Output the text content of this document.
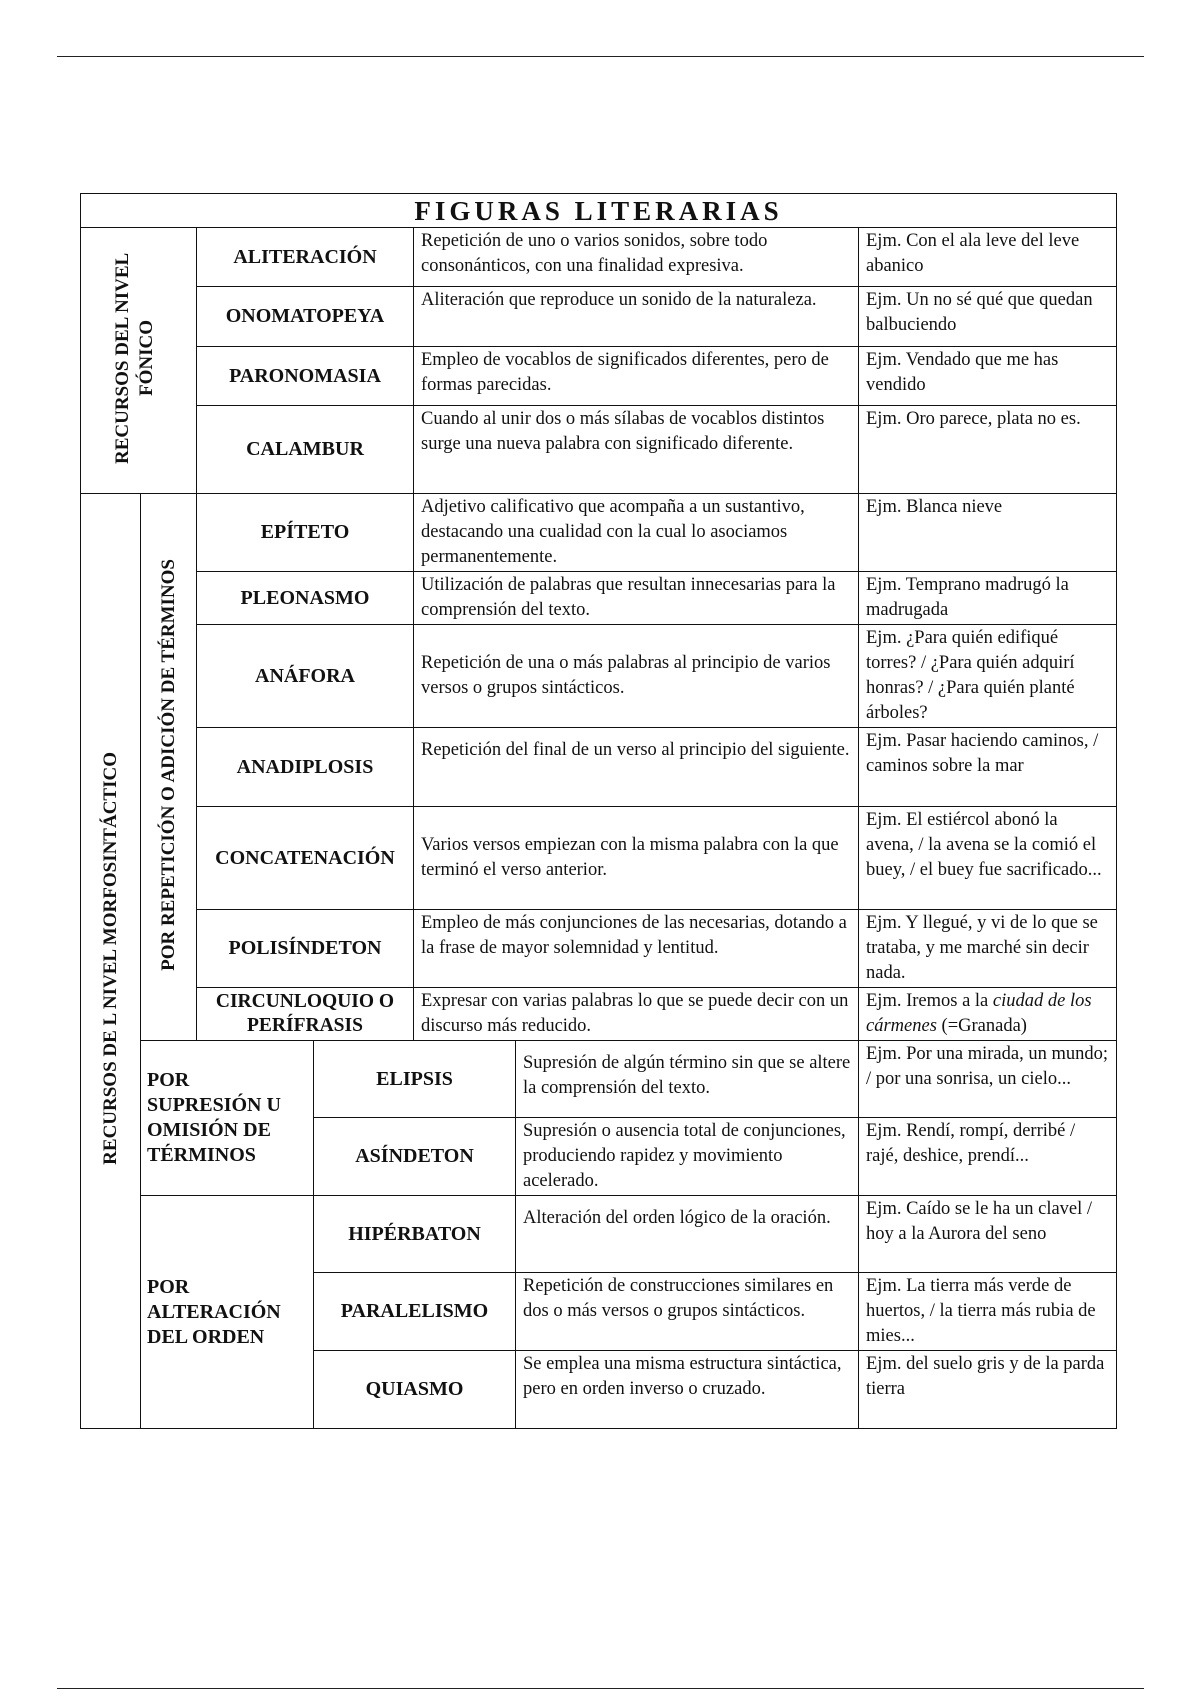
FIGURAS LITERARIAS						
RECURSOS DEL NIVEL FÓNICO		ALITERACIÓN		Repetición de uno o varios sonidos, sobre todo consonánticos, con una finalidad expresiva.		Ejm. Con el ala leve del leve abanico
		ONOMATOPEYA		Aliteración que reproduce un sonido de la naturaleza.		Ejm. Un no sé qué que quedan balbuciendo
		PARONOMASIA		Empleo de vocablos de significados diferentes, pero de formas parecidas.		Ejm. Vendado que me has vendido
		CALAMBUR		Cuando al unir dos o más sílabas de vocablos distintos surge una nueva palabra con significado diferente.		Ejm. Oro parece, plata no es.
RECURSOS DE L NIVEL MORFOSINTÁCTICO	POR REPETICIÓN O ADICIÓN DE TÉRMINOS	EPÍTETO		Adjetivo calificativo que acompaña a un sustantivo, destacando una cualidad con la cual lo asociamos permanentemente.		Ejm. Blanca nieve
		PLEONASMO		Utilización de palabras que resultan innecesarias para la comprensión del texto.		Ejm. Temprano madrugó la madrugada
		ANÁFORA		Repetición de una o más palabras al principio de varios versos o grupos sintácticos.		Ejm. ¿Para quién edifiqué torres? / ¿Para quién adquirí honras? / ¿Para quién planté árboles?
		ANADIPLOSIS		Repetición del final de un verso al principio del siguiente.		Ejm. Pasar haciendo caminos, / caminos sobre la mar
		CONCATENACIÓN		Varios versos empiezan con la misma palabra con la que terminó el verso anterior.		Ejm. El estiércol abonó la avena, / la avena se la comió el buey, / el buey fue sacrificado...
		POLISÍNDETON		Empleo de más conjunciones de las necesarias, dotando a la frase de mayor solemnidad y lentitud.		Ejm. Y llegué, y vi de lo que se trataba, y me marché sin decir nada.
		CIRCUNLOQUIO O PERÍFRASIS		Expresar con varias palabras lo que se puede decir con un discurso más reducido.		Ejm. Iremos a la ciudad de los cármenes (=Granada)
	POR SUPRESIÓN U OMISIÓN DE TÉRMINOS		ELIPSIS		Supresión de algún término sin que se altere la comprensión del texto.	Ejm. Por una mirada, un mundo; / por una sonrisa, un cielo...
			ASÍNDETON		Supresión o ausencia total de conjunciones, produciendo rapidez y movimiento acelerado.	Ejm. Rendí, rompí, derribé / rajé, deshice, prendí...
	POR ALTERACIÓN DEL ORDEN		HIPÉRBATON		Alteración del orden lógico de la oración.	Ejm. Caído se le ha un clavel / hoy a la Aurora del seno
			PARALELISMO		Repetición de construcciones similares en dos o más versos o grupos sintácticos.	Ejm. La tierra más verde de huertos, / la tierra más rubia de mies...
			QUIASMO		Se emplea una misma estructura sintáctica, pero en orden inverso o cruzado.	Ejm. del suelo gris y de la parda tierra
